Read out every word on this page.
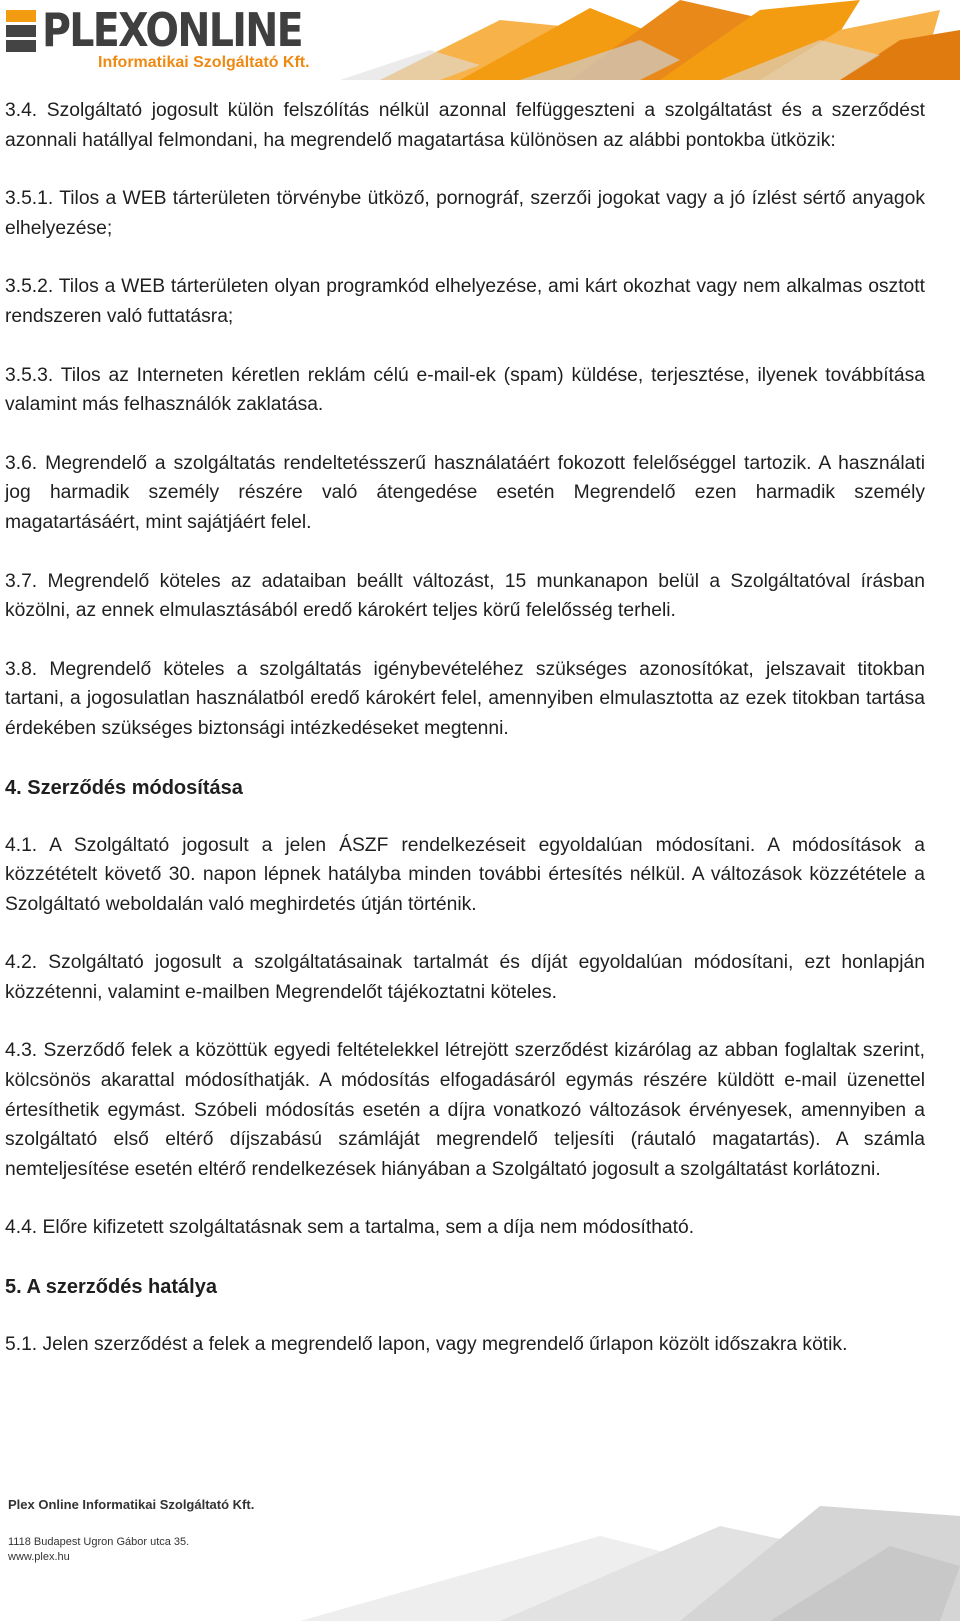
PLEXONLINE
Informatikai Szolgáltató Kft.

3.4. Szolgáltató jogosult külön felszólítás nélkül azonnal felfüggeszteni a szolgáltatást és a szerződést azonnali hatállyal felmondani, ha megrendelő magatartása különösen az alábbi pontokba ütközik:

3.5.1. Tilos a WEB tárterületen törvénybe ütköző, pornográf, szerzői jogokat vagy a jó ízlést sértő anyagok elhelyezése;

3.5.2. Tilos a WEB tárterületen olyan programkód elhelyezése, ami kárt okozhat vagy nem alkalmas osztott rendszeren való futtatásra;

3.5.3. Tilos az Interneten kéretlen reklám célú e-mail-ek (spam) küldése, terjesztése, ilyenek továbbítása valamint más felhasználók zaklatása.

3.6. Megrendelő a szolgáltatás rendeltetésszerű használatáért fokozott felelőséggel tartozik. A használati jog harmadik személy részére való átengedése esetén Megrendelő ezen harmadik személy magatartásáért, mint sajátjáért felel.

3.7. Megrendelő köteles az adataiban beállt változást, 15 munkanapon belül a Szolgáltatóval írásban közölni, az ennek elmulasztásából eredő károkért teljes körű felelősség terheli.

3.8. Megrendelő köteles a szolgáltatás igénybevételéhez szükséges azonosítókat, jelszavait titokban tartani, a jogosulatlan használatból eredő károkért felel, amennyiben elmulasztotta az ezek titokban tartása érdekében szükséges biztonsági intézkedéseket megtenni.

4. Szerződés módosítása

4.1. A Szolgáltató jogosult a jelen ÁSZF rendelkezéseit egyoldalúan módosítani. A módosítások a közzétételt követő 30. napon lépnek hatályba minden további értesítés nélkül. A változások közzététele a Szolgáltató weboldalán való meghirdetés útján történik.

4.2. Szolgáltató jogosult a szolgáltatásainak tartalmát és díját egyoldalúan módosítani, ezt honlapján közzétenni, valamint e-mailben Megrendelőt tájékoztatni köteles.

4.3. Szerződő felek a közöttük egyedi feltételekkel létrejött szerződést kizárólag az abban foglaltak szerint, kölcsönös akarattal módosíthatják. A módosítás elfogadásáról egymás részére küldött e-mail üzenettel értesíthetik egymást. Szóbeli módosítás esetén a díjra vonatkozó változások érvényesek, amennyiben a szolgáltató első eltérő díjszabású számláját megrendelő teljesíti (ráutaló magatartás). A számla nemteljesítése esetén eltérő rendelkezések hiányában a Szolgáltató jogosult a szolgáltatást korlátozni.

4.4. Előre kifizetett szolgáltatásnak sem a tartalma, sem a díja nem módosítható.

5. A szerződés hatálya

5.1. Jelen szerződést a felek a megrendelő lapon, vagy megrendelő űrlapon közölt időszakra kötik.

Plex Online Informatikai Szolgáltató Kft.
1118 Budapest Ugron Gábor utca 35.
www.plex.hu
